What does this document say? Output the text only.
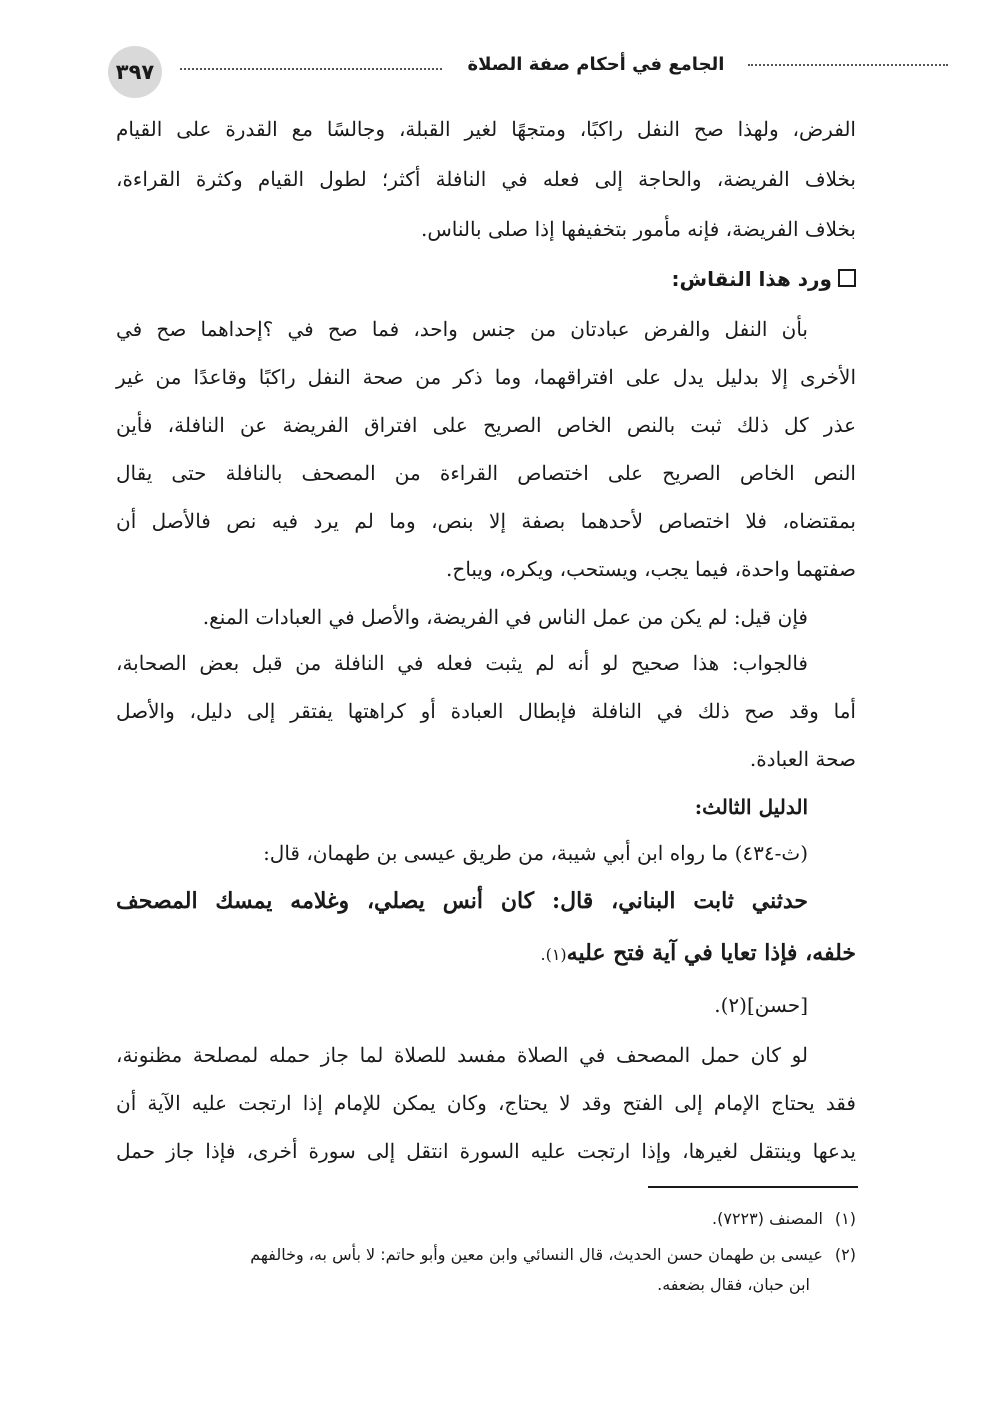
٣٩٧	الجامع في أحكام صفة الصلاة
الفرض، ولهذا صح النفل راكبًا، ومتجهًا لغير القبلة، وجالسًا مع القدرة على القيام
بخلاف الفريضة، والحاجة إلى فعله في النافلة أكثر؛ لطول القيام وكثرة القراءة،
بخلاف الفريضة، فإنه مأمور بتخفيفها إذا صلى بالناس.
ورد هذا النقاش:
بأن النفل والفرض عبادتان من جنس واحد، فما صح في ؟إحداهما صح في
الأخرى إلا بدليل يدل على افتراقهما، وما ذكر من صحة النفل راكبًا وقاعدًا من غير
عذر كل ذلك ثبت بالنص الخاص الصريح على افتراق الفريضة عن النافلة، فأين
النص الخاص الصريح على اختصاص القراءة من المصحف بالنافلة حتى يقال
بمقتضاه، فلا اختصاص لأحدهما بصفة إلا بنص، وما لم يرد فيه نص فالأصل أن
صفتهما واحدة، فيما يجب، ويستحب، ويكره، ويباح.
فإن قيل: لم يكن من عمل الناس في الفريضة، والأصل في العبادات المنع.
فالجواب: هذا صحيح لو أنه لم يثبت فعله في النافلة من قبل بعض الصحابة،
أما وقد صح ذلك في النافلة فإبطال العبادة أو كراهتها يفتقر إلى دليل، والأصل
صحة العبادة.
الدليل الثالث:
(ث-٤٣٤) ما رواه ابن أبي شيبة، من طريق عيسى بن طهمان، قال:
حدثني ثابت البناني، قال: كان أنس يصلي، وغلامه يمسك المصحف
خلفه، فإذا تعايا في آية فتح عليه(١).
[حسن](٢).
لو كان حمل المصحف في الصلاة مفسد للصلاة لما جاز حمله لمصلحة مظنونة،
فقد يحتاج الإمام إلى الفتح وقد لا يحتاج، وكان يمكن للإمام إذا ارتجت عليه الآية أن
يدعها وينتقل لغيرها، وإذا ارتجت عليه السورة انتقل إلى سورة أخرى، فإذا جاز حمل
(١)المصنف (٧٢٢٣).
(٢)عيسى بن طهمان حسن الحديث، قال النسائي وابن معين وأبو حاتم: لا بأس به، وخالفهم
ابن حبان، فقال بضعفه.
